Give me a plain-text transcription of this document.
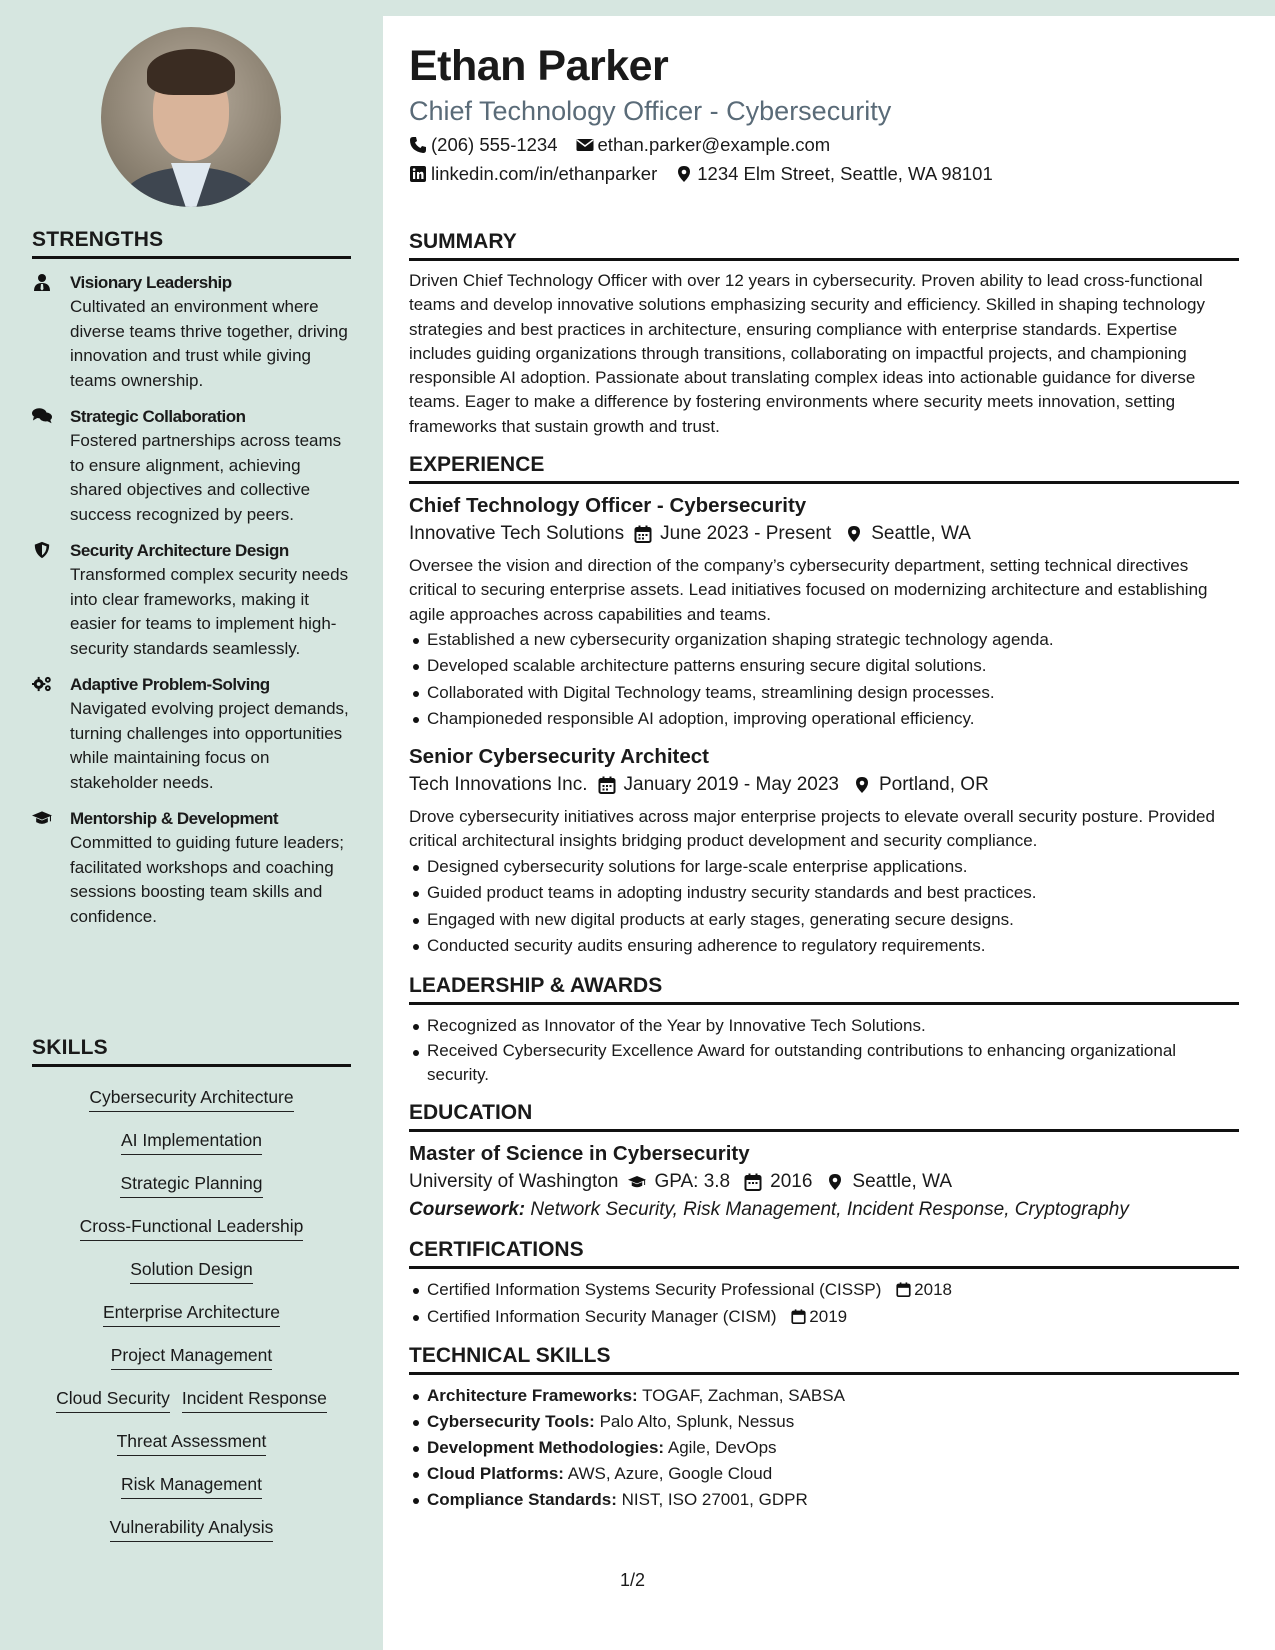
STRENGTHS
Visionary Leadership
Cultivated an environment where diverse teams thrive together, driving innovation and trust while giving teams ownership.
Strategic Collaboration
Fostered partnerships across teams to ensure alignment, achieving shared objectives and collective success recognized by peers.
Security Architecture Design
Transformed complex security needs into clear frameworks, making it easier for teams to implement high-security standards seamlessly.
Adaptive Problem-Solving
Navigated evolving project demands, turning challenges into opportunities while maintaining focus on stakeholder needs.
Mentorship & Development
Committed to guiding future leaders; facilitated workshops and coaching sessions boosting team skills and confidence.
SKILLS
Cybersecurity Architecture
AI Implementation
Strategic Planning
Cross-Functional Leadership
Solution Design
Enterprise Architecture
Project Management
Cloud Security Incident Response
Threat Assessment
Risk Management
Vulnerability Analysis
Ethan Parker
Chief Technology Officer - Cybersecurity
(206) 555-1234 ethan.parker@example.com
linkedin.com/in/ethanparker 1234 Elm Street, Seattle, WA 98101
SUMMARY
Driven Chief Technology Officer with over 12 years in cybersecurity. Proven ability to lead cross-functional teams and develop innovative solutions emphasizing security and efficiency. Skilled in shaping technology strategies and best practices in architecture, ensuring compliance with enterprise standards. Expertise includes guiding organizations through transitions, collaborating on impactful projects, and championing responsible AI adoption. Passionate about translating complex ideas into actionable guidance for diverse teams. Eager to make a difference by fostering environments where security meets innovation, setting frameworks that sustain growth and trust.
EXPERIENCE
Chief Technology Officer - Cybersecurity
Innovative Tech Solutions June 2023 - Present Seattle, WA
Oversee the vision and direction of the company’s cybersecurity department, setting technical directives critical to securing enterprise assets. Lead initiatives focused on modernizing architecture and establishing agile approaches across capabilities and teams.
Established a new cybersecurity organization shaping strategic technology agenda.
Developed scalable architecture patterns ensuring secure digital solutions.
Collaborated with Digital Technology teams, streamlining design processes.
Championeded responsible AI adoption, improving operational efficiency.
Senior Cybersecurity Architect
Tech Innovations Inc. January 2019 - May 2023 Portland, OR
Drove cybersecurity initiatives across major enterprise projects to elevate overall security posture. Provided critical architectural insights bridging product development and security compliance.
Designed cybersecurity solutions for large-scale enterprise applications.
Guided product teams in adopting industry security standards and best practices.
Engaged with new digital products at early stages, generating secure designs.
Conducted security audits ensuring adherence to regulatory requirements.
LEADERSHIP & AWARDS
Recognized as Innovator of the Year by Innovative Tech Solutions.
Received Cybersecurity Excellence Award for outstanding contributions to enhancing organizational security.
EDUCATION
Master of Science in Cybersecurity
University of Washington GPA: 3.8 2016 Seattle, WA
Coursework: Network Security, Risk Management, Incident Response, Cryptography
CERTIFICATIONS
Certified Information Systems Security Professional (CISSP) 2018
Certified Information Security Manager (CISM) 2019
TECHNICAL SKILLS
Architecture Frameworks: TOGAF, Zachman, SABSA
Cybersecurity Tools: Palo Alto, Splunk, Nessus
Development Methodologies: Agile, DevOps
Cloud Platforms: AWS, Azure, Google Cloud
Compliance Standards: NIST, ISO 27001, GDPR
1/2
